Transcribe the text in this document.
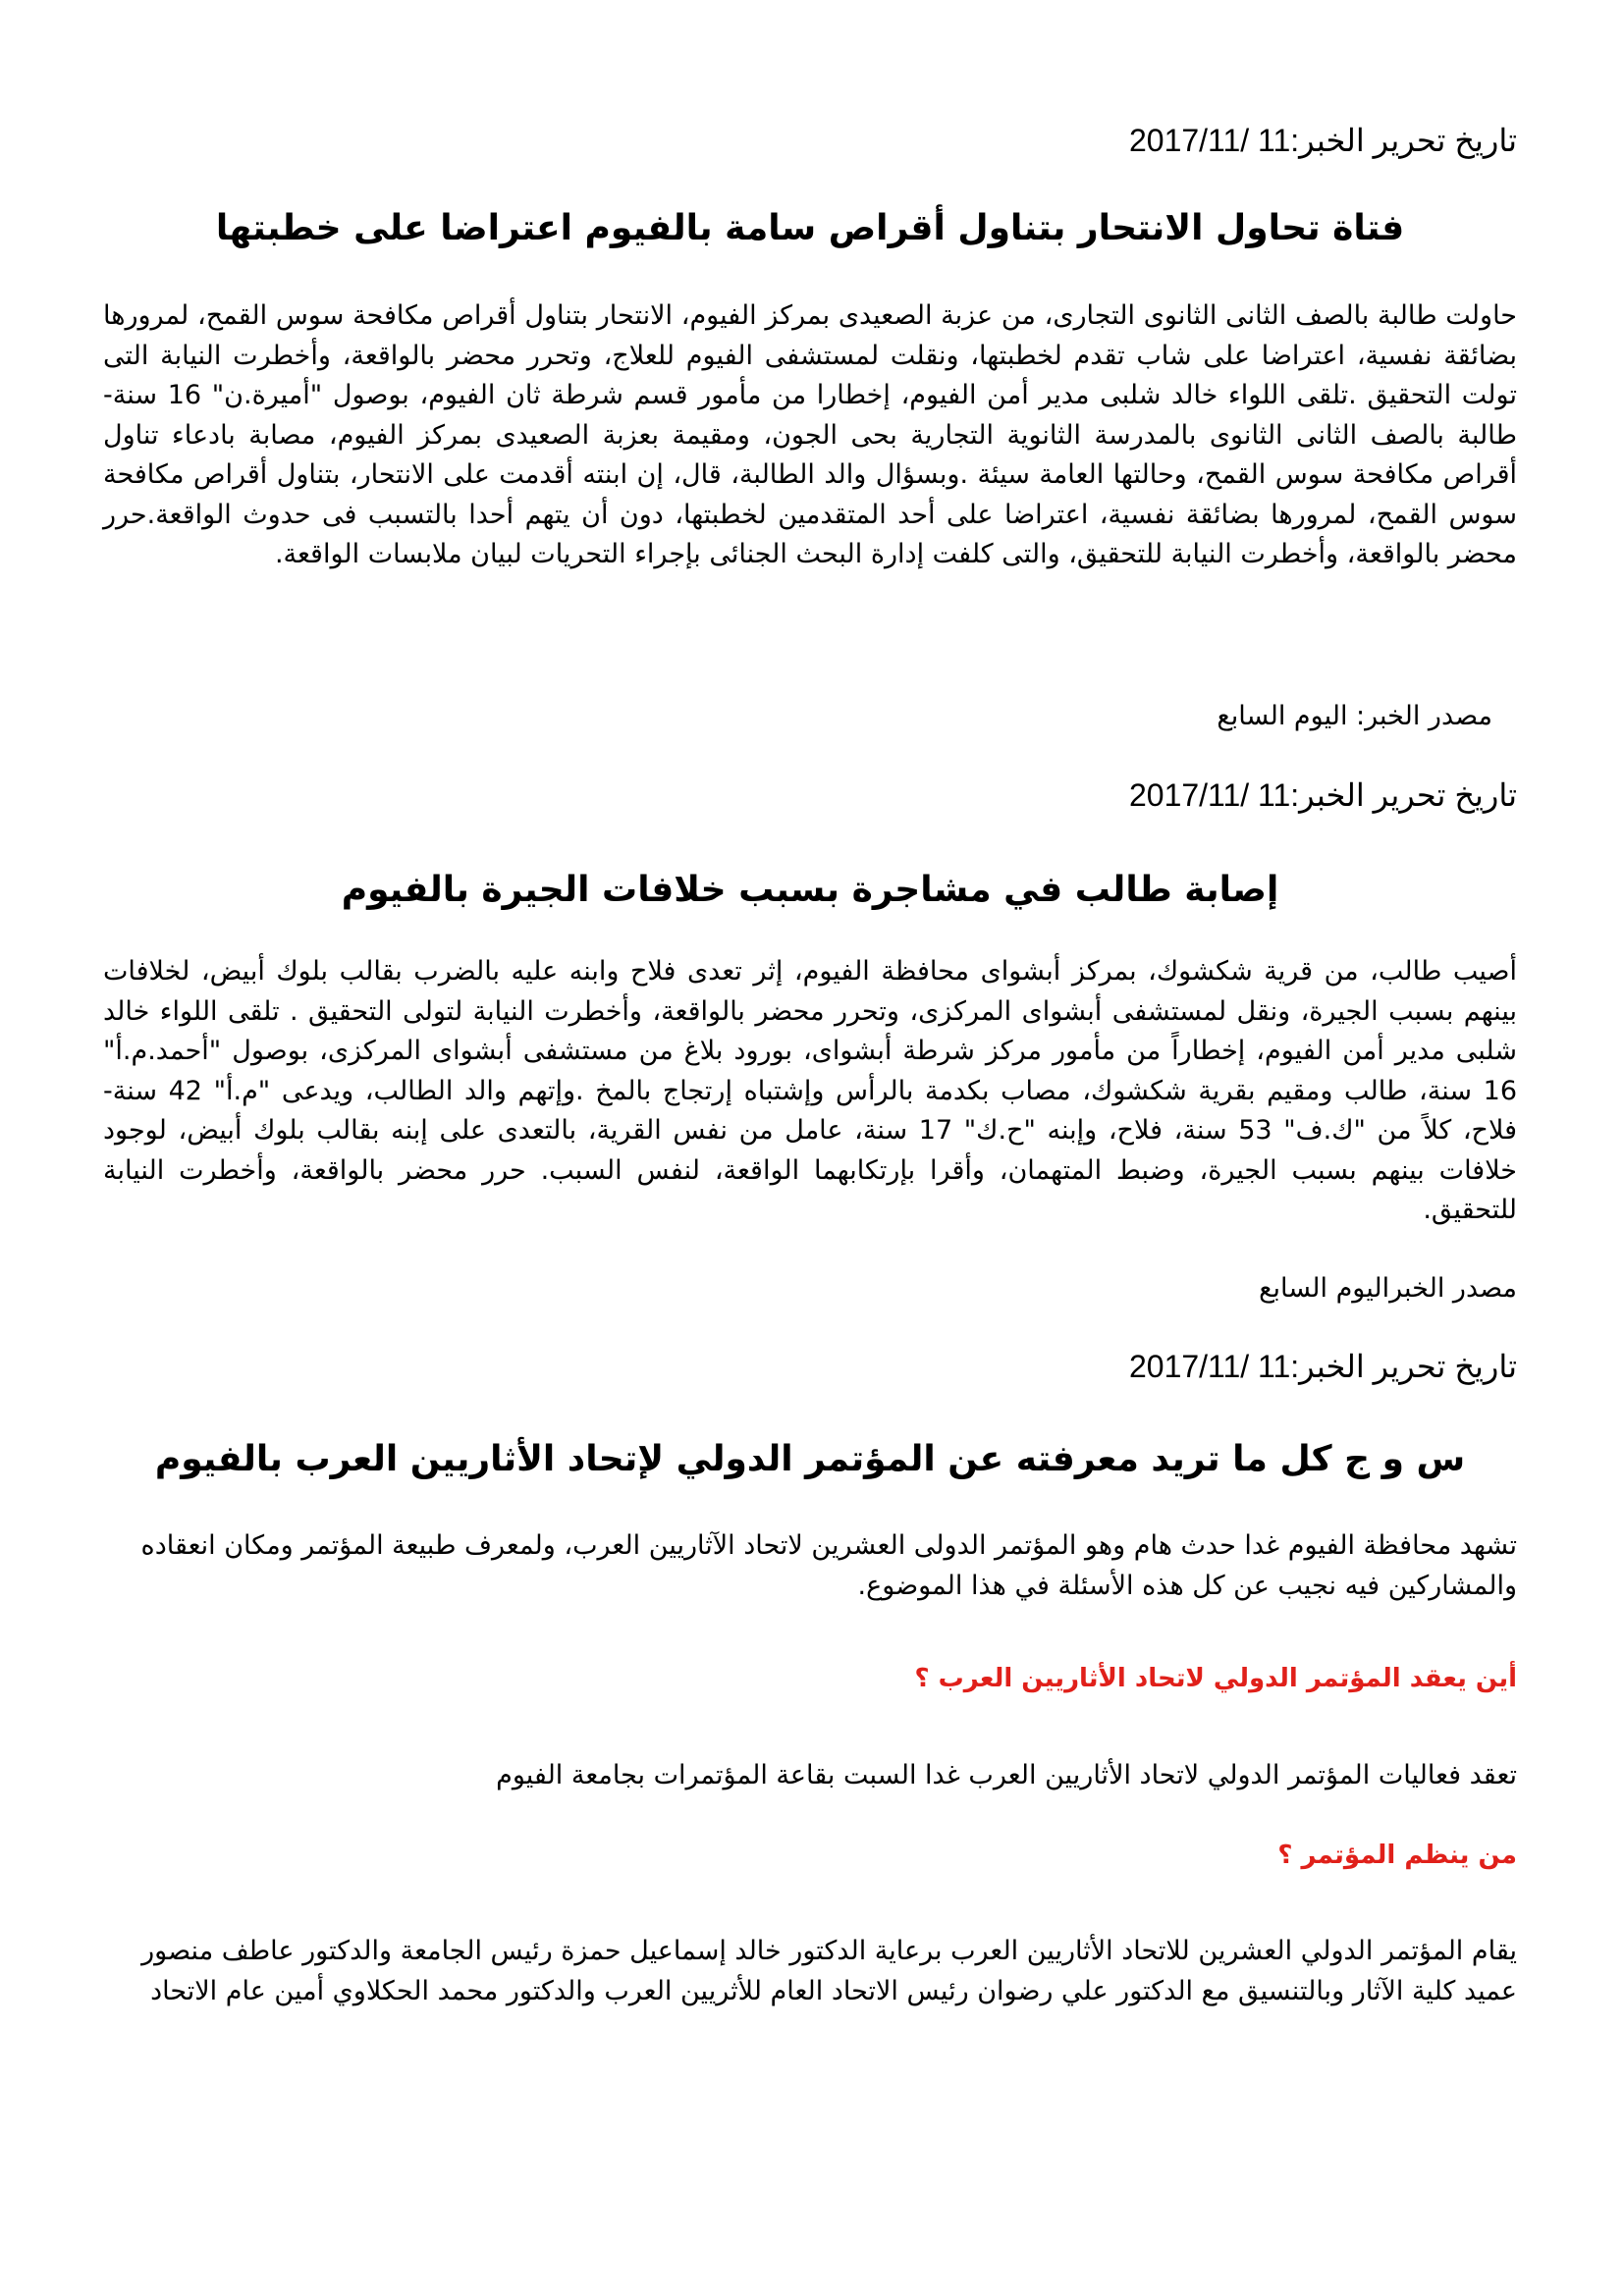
تاريخ تحرير الخبر:11 /2017/11

فتاة تحاول الانتحار بتناول أقراص سامة بالفيوم اعتراضا على خطبتها

حاولت طالبة بالصف الثانى الثانوى التجارى، من عزبة الصعيدى بمركز الفيوم، الانتحار بتناول أقراص مكافحة سوس القمح، لمرورها بضائقة نفسية، اعتراضا على شاب تقدم لخطبتها، ونقلت لمستشفى الفيوم للعلاج، وتحرر محضر بالواقعة، وأخطرت النيابة التى تولت التحقيق .تلقى اللواء خالد شلبى مدير أمن الفيوم، إخطارا من مأمور قسم شرطة ثان الفيوم، بوصول "أميرة.ن" 16 سنة- طالبة بالصف الثانى الثانوى بالمدرسة الثانوية التجارية بحى الجون، ومقيمة بعزبة الصعيدى بمركز الفيوم، مصابة بادعاء تناول أقراص مكافحة سوس القمح، وحالتها العامة سيئة .وبسؤال والد الطالبة، قال، إن ابنته أقدمت على الانتحار، بتناول أقراص مكافحة سوس القمح، لمرورها بضائقة نفسية، اعتراضا على أحد المتقدمين لخطبتها، دون أن يتهم أحدا بالتسبب فى حدوث الواقعة.حرر محضر بالواقعة، وأخطرت النيابة للتحقيق، والتى كلفت إدارة البحث الجنائى بإجراء التحريات لبيان ملابسات الواقعة.

مصدر الخبر: اليوم السابع

تاريخ تحرير الخبر:11 /2017/11

إصابة طالب في مشاجرة بسبب خلافات الجيرة بالفيوم

أصيب طالب، من قرية شكشوك، بمركز أبشواى محافظة الفيوم، إثر تعدى فلاح وابنه عليه بالضرب بقالب بلوك أبيض، لخلافات بينهم بسبب الجيرة، ونقل لمستشفى أبشواى المركزى، وتحرر محضر بالواقعة، وأخطرت النيابة لتولى التحقيق . تلقى اللواء خالد شلبى مدير أمن الفيوم، إخطاراً من مأمور مركز شرطة أبشواى، بورود بلاغ من مستشفى أبشواى المركزى، بوصول "أحمد.م.أ" 16 سنة، طالب ومقيم بقرية شكشوك، مصاب بكدمة بالرأس وإشتباه إرتجاج بالمخ .وإتهم والد الطالب، ويدعى "م.أ" 42 سنة- فلاح، كلاً من "ك.ف" 53 سنة، فلاح، وإبنه "ح.ك" 17 سنة، عامل من نفس القرية، بالتعدى على إبنه بقالب بلوك أبيض، لوجود خلافات بينهم بسبب الجيرة، وضبط المتهمان، وأقرا بإرتكابهما الواقعة، لنفس السبب. حرر محضر بالواقعة، وأخطرت النيابة للتحقيق.

مصدر الخبراليوم السابع

تاريخ تحرير الخبر:11 /2017/11

س و ج كل ما تريد معرفته عن المؤتمر الدولي لإتحاد الأثاريين العرب بالفيوم

تشهد محافظة الفيوم غدا حدث هام وهو المؤتمر الدولى العشرين لاتحاد الآثاريين العرب، ولمعرف طبيعة المؤتمر ومكان انعقاده والمشاركين فيه نجيب عن كل هذه الأسئلة في هذا الموضوع.

أين يعقد المؤتمر الدولي لاتحاد الأثاريين العرب ؟

تعقد فعاليات المؤتمر الدولي لاتحاد الأثاريين العرب غدا السبت بقاعة المؤتمرات بجامعة الفيوم

من ينظم المؤتمر ؟

يقام المؤتمر الدولي العشرين للاتحاد الأثاريين العرب برعاية الدكتور خالد إسماعيل حمزة رئيس الجامعة والدكتور عاطف منصور عميد كلية الآثار وبالتنسيق مع الدكتور علي رضوان رئيس الاتحاد العام للأثريين العرب والدكتور محمد الحكلاوي أمين عام الاتحاد
